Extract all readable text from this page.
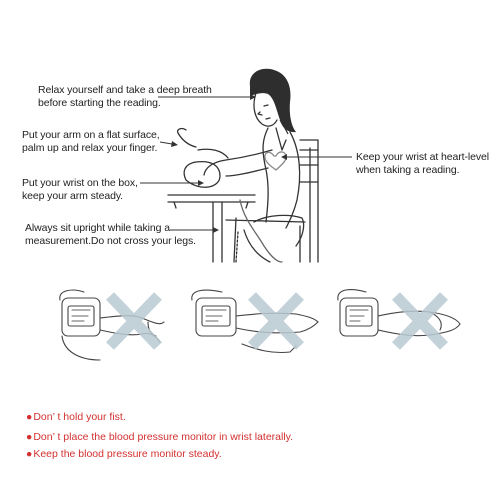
Relax yourself and take a deep breath
before starting the reading.
Put your arm on a flat surface,
palm up and relax your finger.
Put your wrist on the box,
keep your arm steady.
Always sit upright while taking a
measurement.Do not cross your legs.
Keep your wrist at heart-level
when taking a reading.
●Don’ t hold your fist.
●Don’ t place the blood pressure monitor in wrist laterally.
●Keep the blood pressure monitor steady.
